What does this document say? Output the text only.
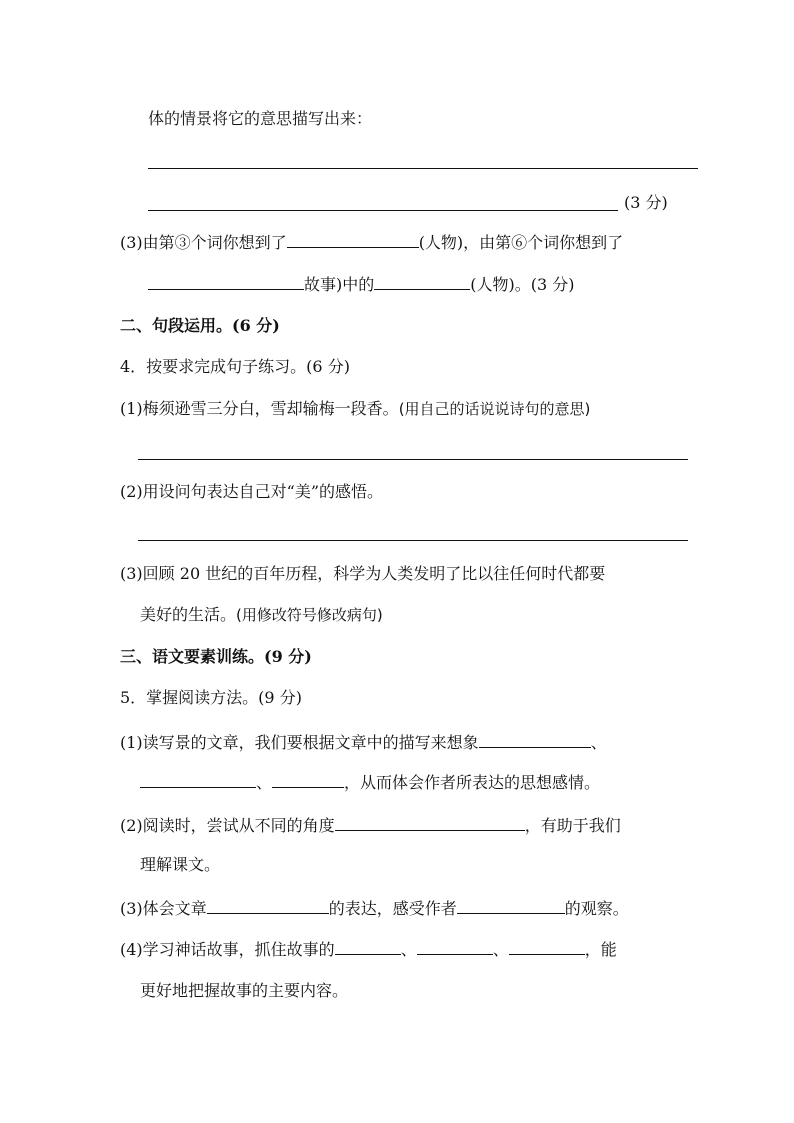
体的情景将它的意思描写出来：
(3 分)
(3)由第③个词你想到了	(人物)，由第⑥个词你想到了
故事)中的	(人物)。(3 分)
二、句段运用。(6 分)
4．按要求完成句子练习。(6 分)
(1)梅须逊雪三分白，雪却输梅一段香。(用自己的话说说诗句的意思)
(2)用设问句表达自己对“美”的感悟。
(3)回顾 20 世纪的百年历程，科学为人类发明了比以往任何时代都要
美好的生活。(用修改符号修改病句)
三、语文要素训练。(9 分)
5．掌握阅读方法。(9 分)
(1)读写景的文章，我们要根据文章中的描写来想象	、
、	，从而体会作者所表达的思想感情。
(2)阅读时，尝试从不同的角度	，有助于我们
理解课文。
(3)体会文章	的表达，感受作者	的观察。
(4)学习神话故事，抓住故事的	、	、	，能
更好地把握故事的主要内容。
